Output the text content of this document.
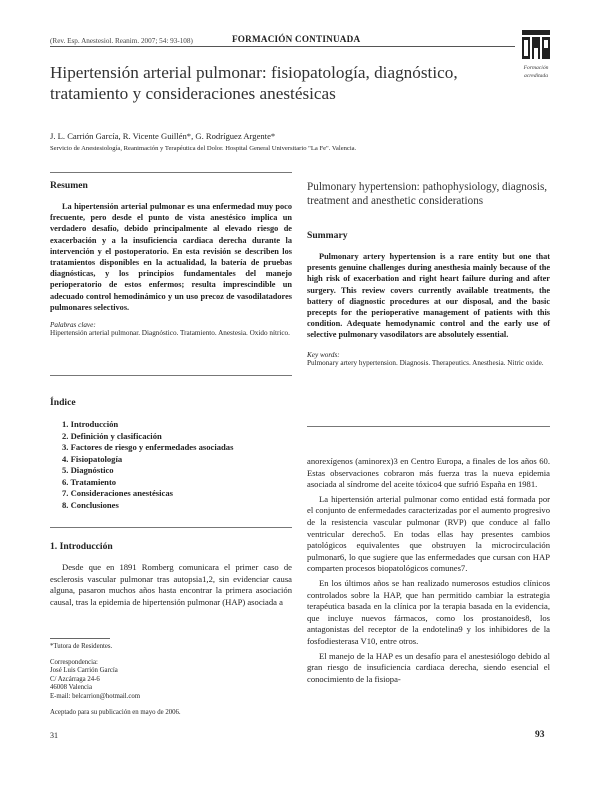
(Rev. Esp. Anestesiol. Reanim. 2007; 54: 93-108)	FORMACIÓN CONTINUADA
Formación
acreditada
Hipertensión arterial pulmonar: fisiopatología, diagnóstico,
tratamiento y consideraciones anestésicas
J. L. Carrión García, R. Vicente Guillén*, G. Rodríguez Argente*
Servicio de Anestesiología, Reanimación y Terapéutica del Dolor. Hospital General Universitario "La Fe". Valencia.
Resumen

La hipertensión arterial pulmonar es una enfermedad muy poco frecuente, pero desde el punto de vista anestésico implica un verdadero desafío, debido principalmente al elevado riesgo de exacerbación y a la insuficiencia cardiaca derecha durante la intervención y el postoperatorio. En esta revisión se describen los tratamientos disponibles en la actualidad, la batería de pruebas diagnósticas, y los principios fundamentales del manejo perioperatorio de estos enfermos; resulta imprescindible un adecuado control hemodinámico y un uso precoz de vasodilatadores pulmonares selectivos.

Palabras clave:

Hipertensión arterial pulmonar. Diagnóstico. Tratamiento. Anestesia. Oxido nítrico.

Índice
1. Introducción
2. Definición y clasificación
3. Factores de riesgo y enfermedades asociadas
4. Fisiopatología
5. Diagnóstico
6. Tratamiento
7. Consideraciones anestésicas
8. Conclusiones
1. Introducción

Desde que en 1891 Romberg comunicara el primer caso de esclerosis vascular pulmonar tras autopsia1,2, sin evidenciar causa alguna, pasaron muchos años hasta encontrar la primera asociación causal, tras la epidemia de hipertensión pulmonar (HAP) asociada a

*Tutora de Residentes.

Correspondencia:

José Luis Carrión García

C/ Azcárraga 24-6

46008 Valencia

E-mail: belcarrion@hotmail.com

Aceptado para su publicación en mayo de 2006.

Pulmonary hypertension: pathophysiology, diagnosis, treatment and anesthetic considerations
Summary

Pulmonary artery hypertension is a rare entity but one that presents genuine challenges during anesthesia mainly because of the high risk of exacerbation and right heart failure during and after surgery. This review covers currently available treatments, the battery of diagnostic procedures at our disposal, and the basic precepts for the perioperative management of patients with this condition. Adequate hemodynamic control and the early use of selective pulmonary vasodilators are absolutely essential.

Key words:

Pulmonary artery hypertension. Diagnosis. Therapeutics. Anesthesia. Nitric oxide.

anorexígenos (aminorex)3 en Centro Europa, a finales de los años 60. Estas observaciones cobraron más fuerza tras la nueva epidemia asociada al síndrome del aceite tóxico4 que sufrió España en 1981.

La hipertensión arterial pulmonar como entidad está formada por el conjunto de enfermedades caracterizadas por el aumento progresivo de la resistencia vascular pulmonar (RVP) que conduce al fallo ventricular derecho5. En todas ellas hay presentes cambios patológicos equivalentes que obstruyen la microcirculación pulmonar6, lo que sugiere que las enfermedades que cursan con HAP comparten procesos biopatológicos comunes7.

En los últimos años se han realizado numerosos estudios clínicos controlados sobre la HAP, que han permitido cambiar la estrategia terapéutica basada en la clínica por la terapia basada en la evidencia, que incluye nuevos fármacos, como los prostanoides8, los antagonistas del receptor de la endotelina9 y los inhibidores de la fosfodiesterasa V10, entre otros.

El manejo de la HAP es un desafío para el anestesiólogo debido al gran riesgo de insuficiencia cardiaca derecha, siendo esencial el conocimiento de la fisiopa-

31	93
